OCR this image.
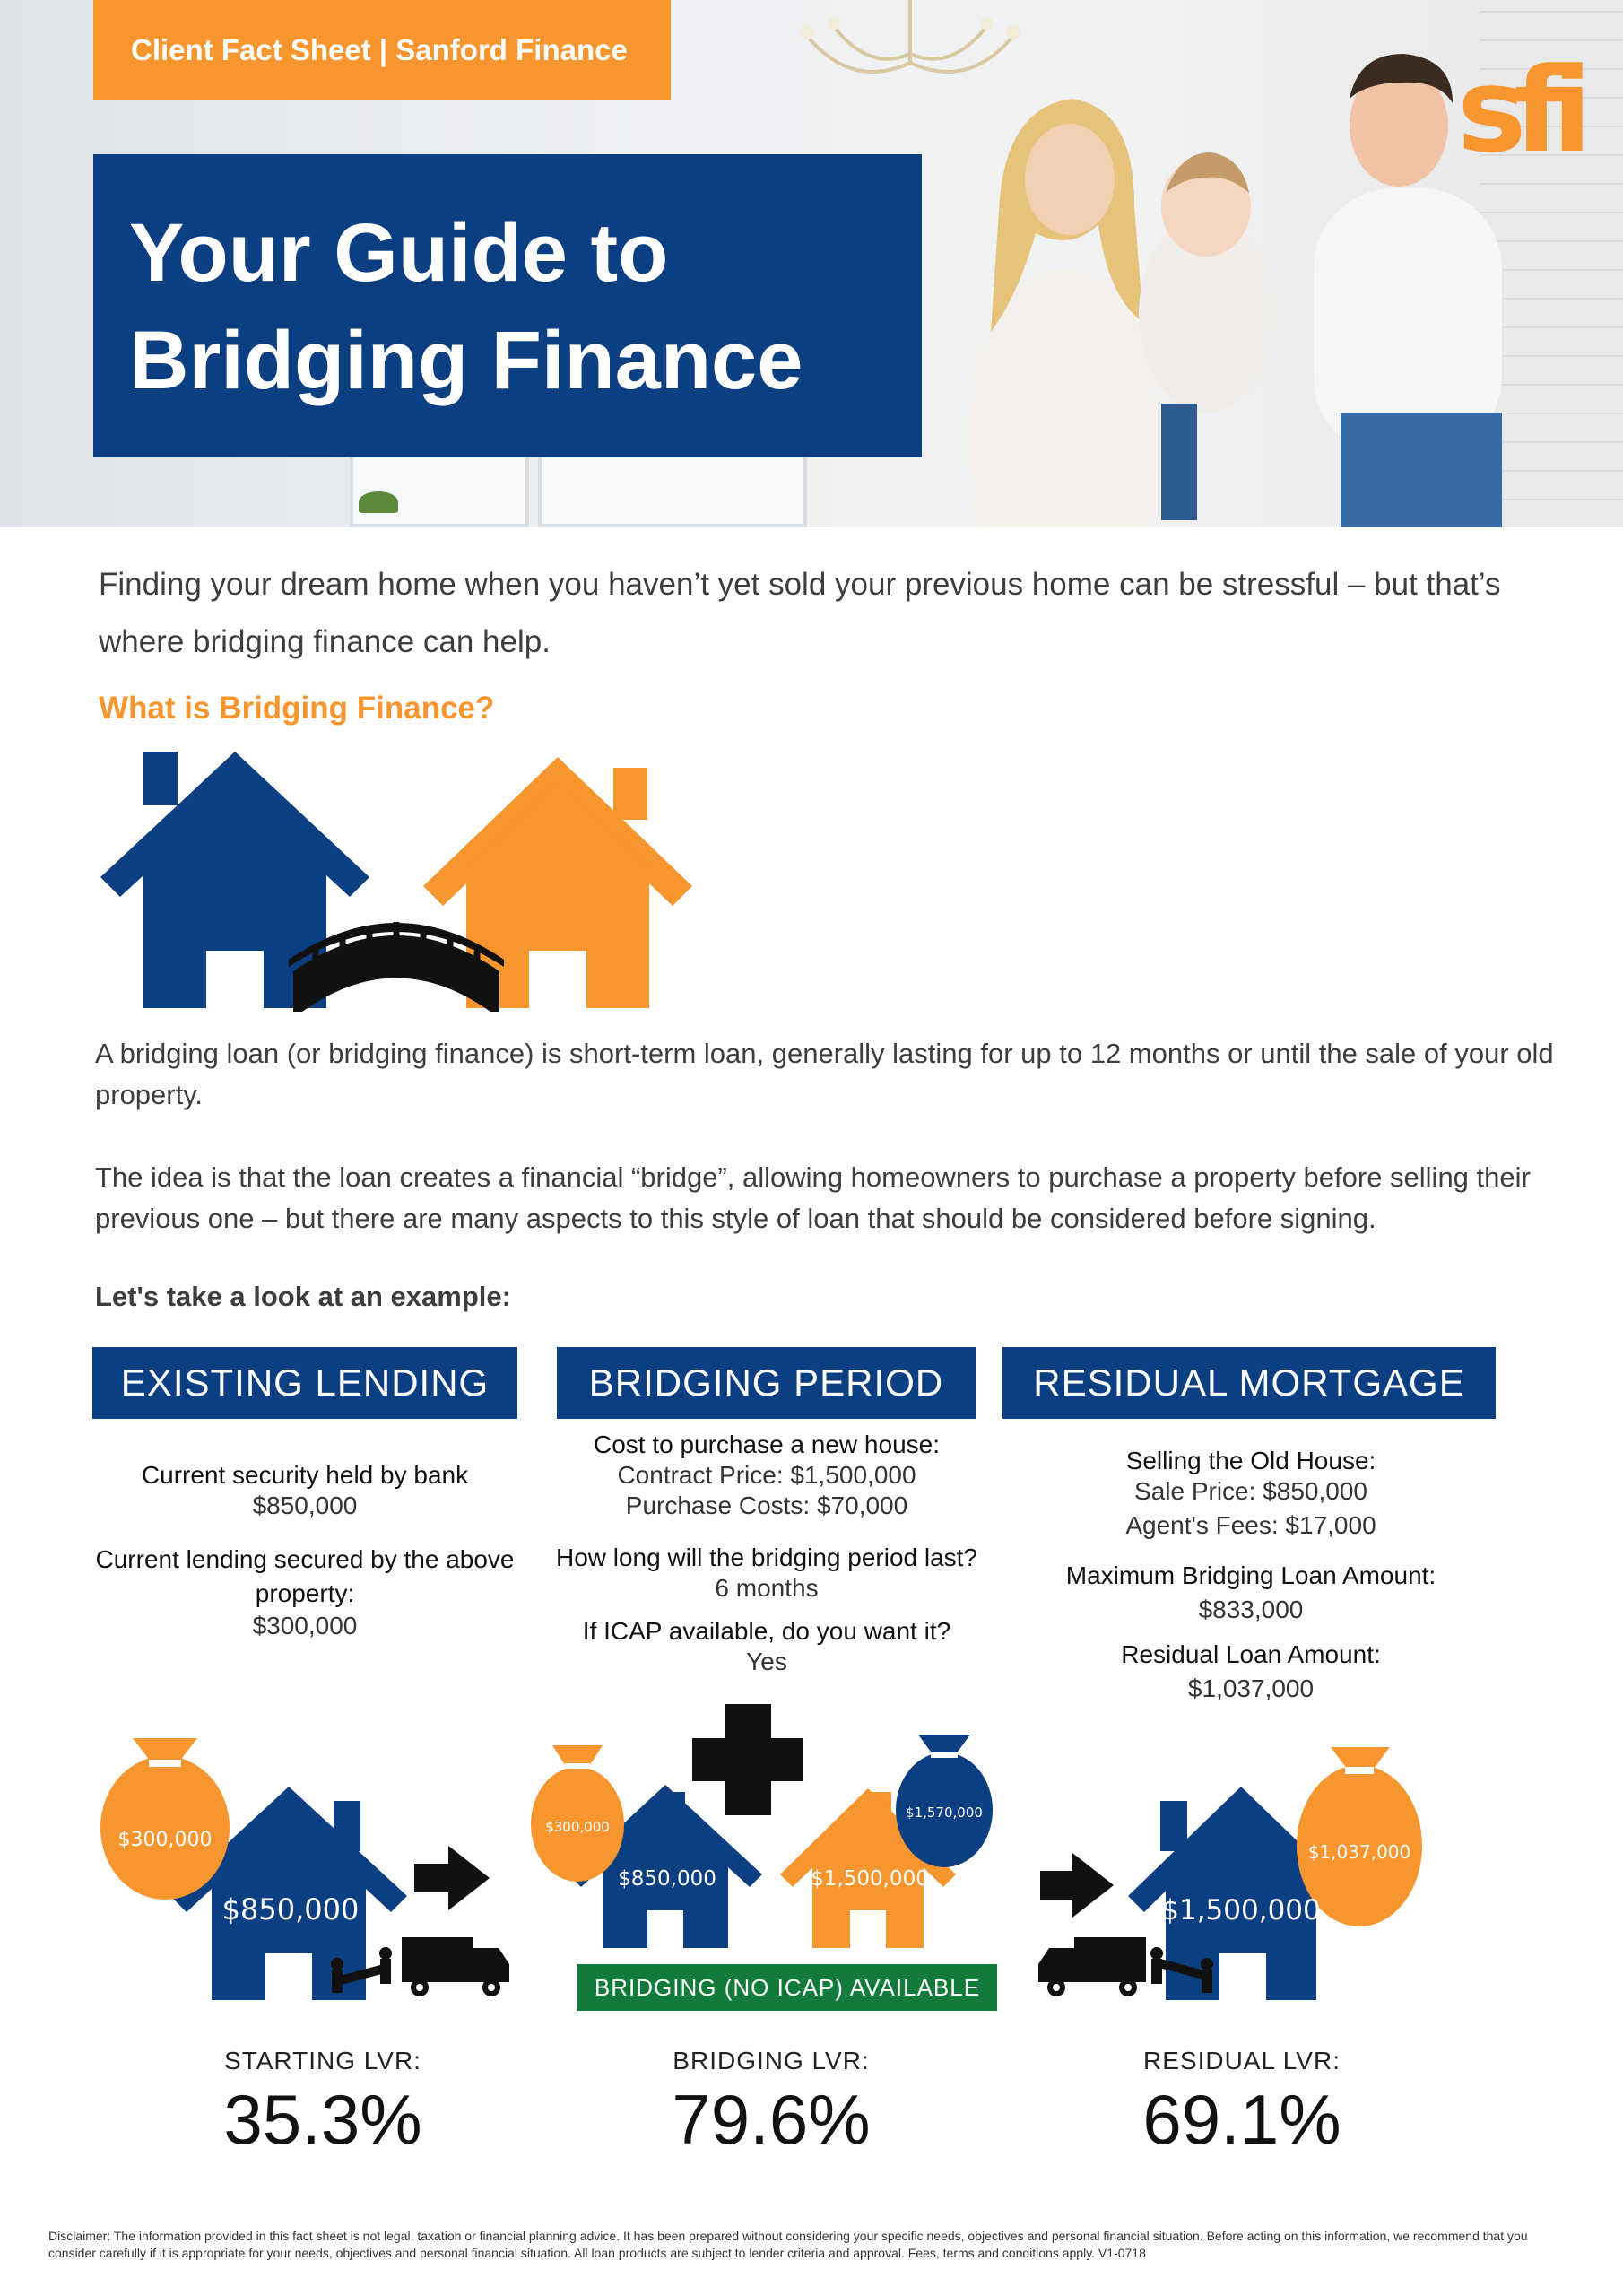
Client Fact Sheet | Sanford Finance
Your Guide to
Bridging Finance
sfi

Finding your dream home when you haven’t yet sold your previous home can be stressful – but that’s where bridging finance can help.

What is Bridging Finance?

A bridging loan (or bridging finance) is short-term loan, generally lasting for up to 12 months or until the sale of your old property.

The idea is that the loan creates a financial “bridge”, allowing homeowners to purchase a property before selling their previous one – but there are many aspects to this style of loan that should be considered before signing.

Let's take a look at an example:

EXISTING LENDING	BRIDGING PERIOD	RESIDUAL MORTGAGE
Current security held by bank
$850,000
Current lending secured by the above property:
$300,000
Cost to purchase a new house:
Contract Price: $1,500,000
Purchase Costs: $70,000
How long will the bridging period last?
6 months
If ICAP available, do you want it?
Yes
Selling the Old House:
Sale Price: $850,000
Agent's Fees: $17,000
Maximum Bridging Loan Amount:
$833,000
Residual Loan Amount:
$1,037,000
$300,000
$850,000
$300,000
$1,570,000
$850,000	$1,500,000
BRIDGING (NO ICAP) AVAILABLE
$1,037,000
$1,500,000
STARTING LVR:
35.3%
BRIDGING LVR:
79.6%
RESIDUAL LVR:
69.1%

Disclaimer: The information provided in this fact sheet is not legal, taxation or financial planning advice. It has been prepared without considering your specific needs, objectives and personal financial situation. Before acting on this information, we recommend that you consider carefully if it is appropriate for your needs, objectives and personal financial situation. All loan products are subject to lender criteria and approval. Fees, terms and conditions apply. V1-0718
